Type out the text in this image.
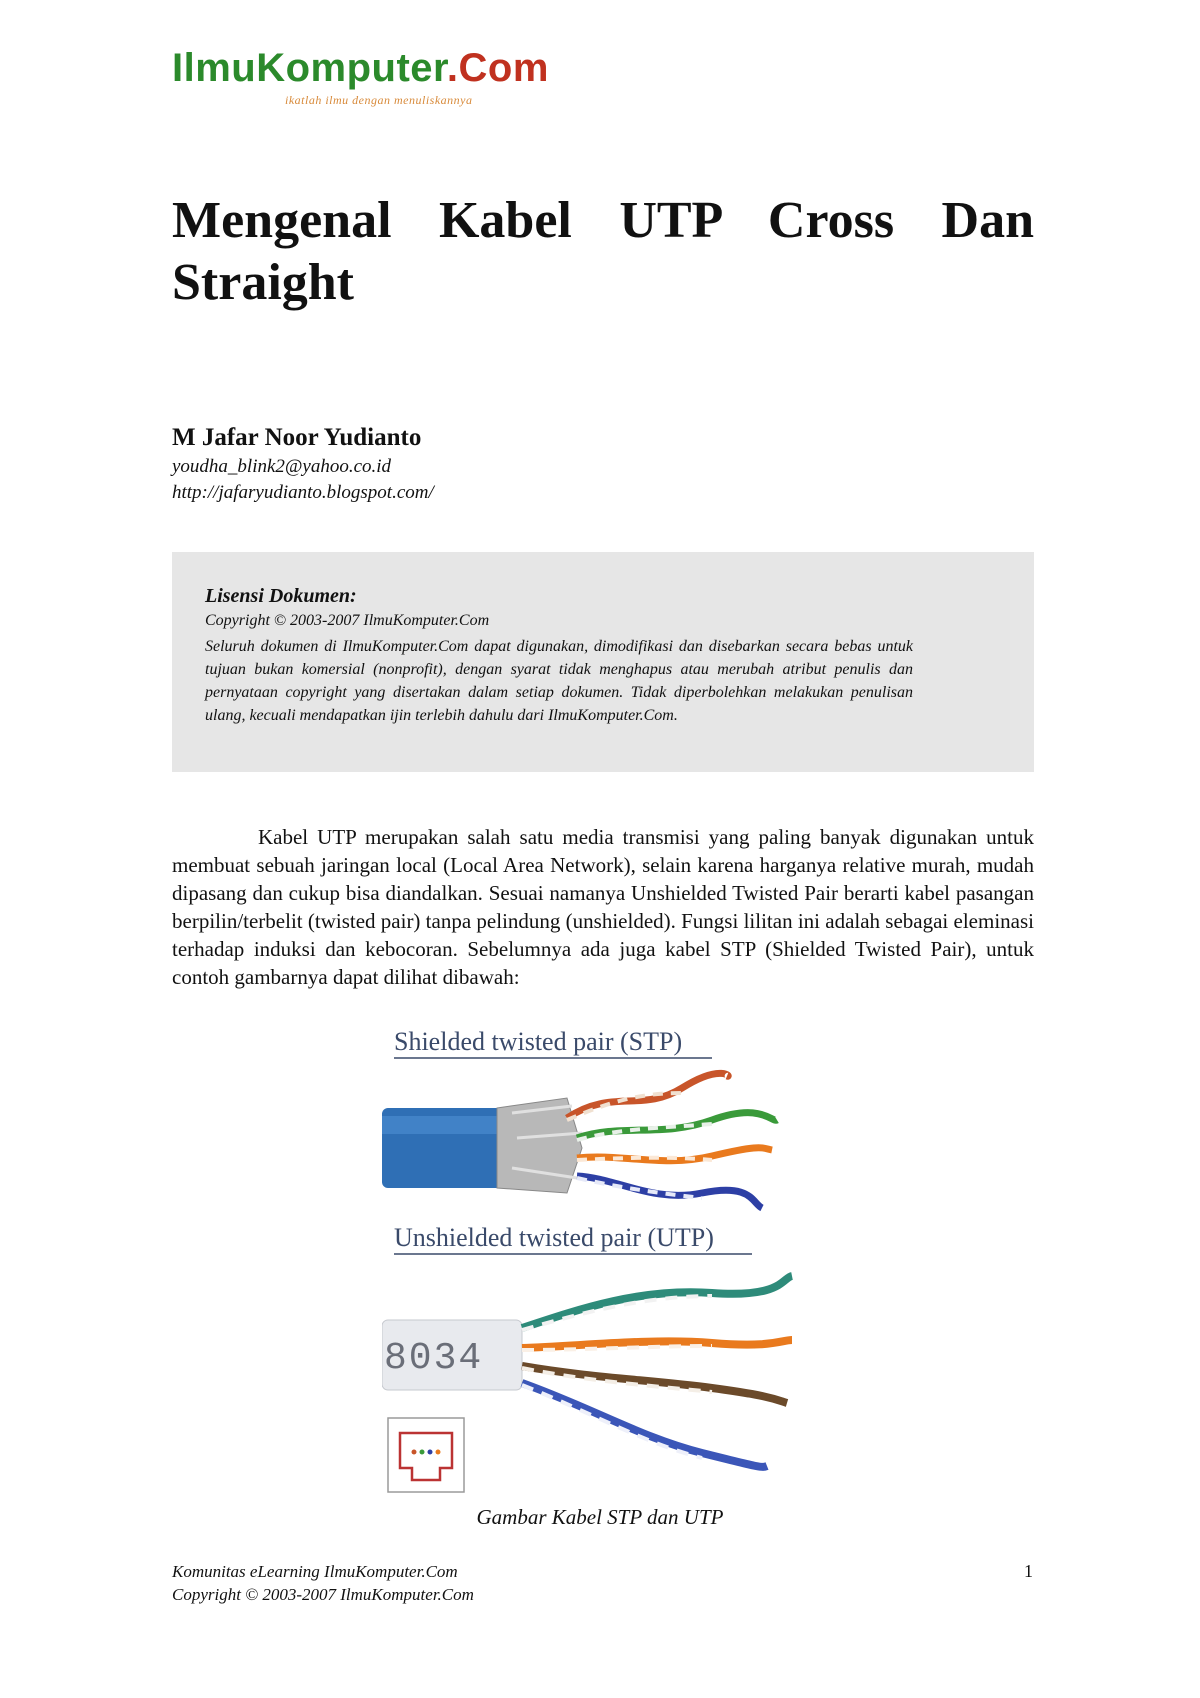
IlmuKomputer.Com
ikatlah ilmu dengan menuliskannya
Mengenal Kabel UTP Cross Dan Straight
M Jafar Noor Yudianto
youdha_blink2@yahoo.co.id
http://jafaryudianto.blogspot.com/
Lisensi Dokumen:
Copyright © 2003-2007 IlmuKomputer.Com
Seluruh dokumen di IlmuKomputer.Com dapat digunakan, dimodifikasi dan disebarkan secara bebas untuk tujuan bukan komersial (nonprofit), dengan syarat tidak menghapus atau merubah atribut penulis dan pernyataan copyright yang disertakan dalam setiap dokumen. Tidak diperbolehkan melakukan penulisan ulang, kecuali mendapatkan ijin terlebih dahulu dari IlmuKomputer.Com.
Kabel UTP merupakan salah satu media transmisi yang paling banyak digunakan untuk membuat sebuah jaringan local (Local Area Network), selain karena harganya relative murah, mudah dipasang dan cukup bisa diandalkan. Sesuai namanya Unshielded Twisted Pair berarti kabel pasangan berpilin/terbelit (twisted pair) tanpa pelindung (unshielded). Fungsi lilitan ini adalah sebagai eleminasi terhadap induksi dan kebocoran. Sebelumnya ada juga kabel STP (Shielded Twisted Pair), untuk contoh gambarnya dapat dilihat dibawah:
Shielded twisted pair (STP)
Unshielded twisted pair (UTP)
8034
Gambar Kabel STP dan UTP
Komunitas eLearning IlmuKomputer.Com
Copyright © 2003-2007 IlmuKomputer.Com
1
